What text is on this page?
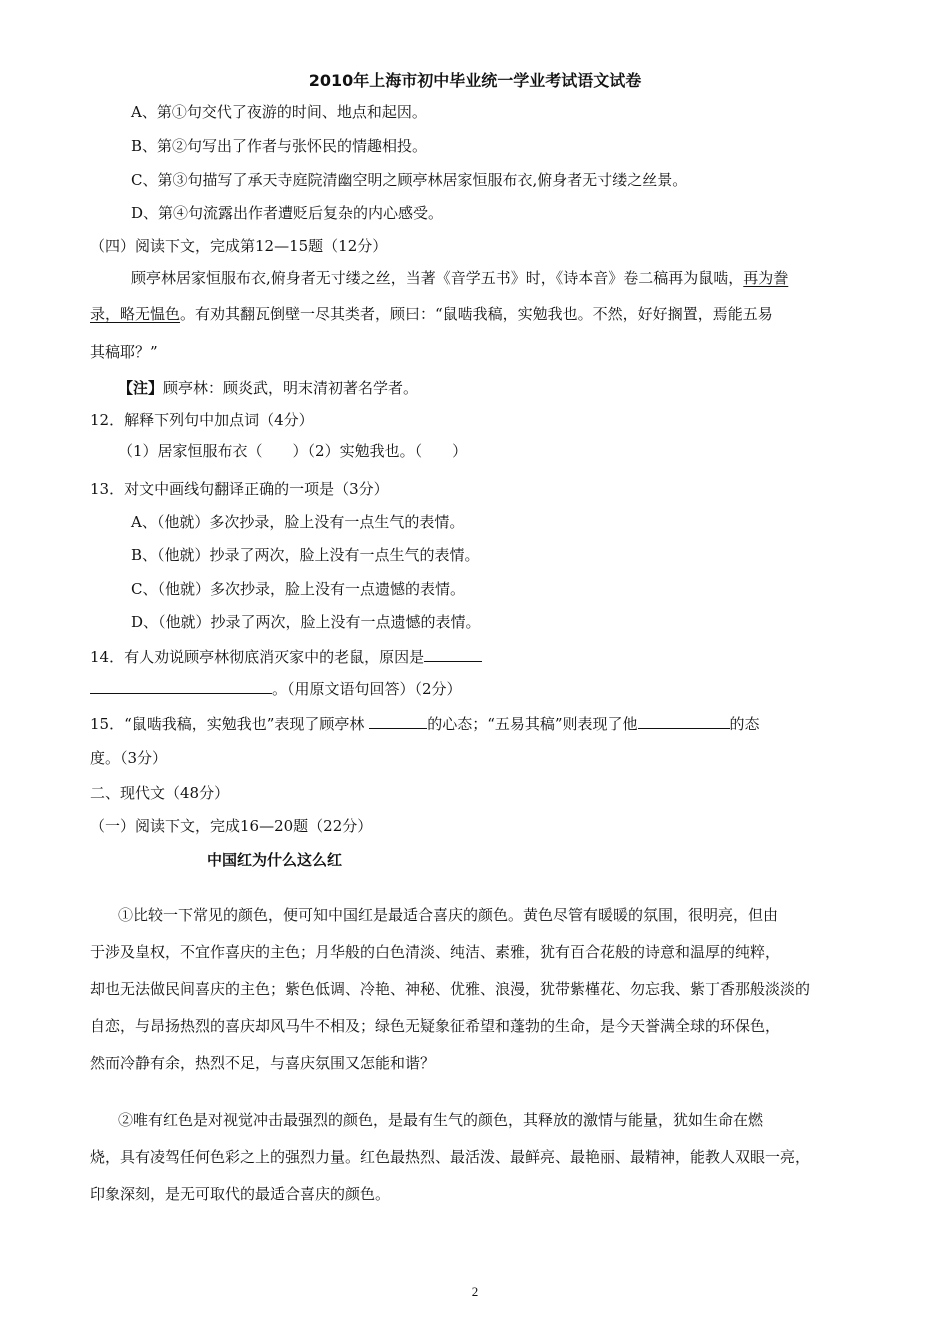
2010年上海市初中毕业统一学业考试语文试卷
A、第①句交代了夜游的时间、地点和起因。
B、第②句写出了作者与张怀民的情趣相投。
C、第③句描写了承天寺庭院清幽空明之顾亭林居家恒服布衣,俯身者无寸缕之丝景。
D、第④句流露出作者遭贬后复杂的内心感受。
（四）阅读下文，完成第12—15题（12分）
顾亭林居家恒服布衣,俯身者无寸缕之丝，当著《音学五书》时，《诗本音》卷二稿再为鼠啮，再为誊
录，略无愠色。有劝其翻瓦倒壁一尽其类者，顾曰：“鼠啮我稿，实勉我也。不然，好好搁置，焉能五易
其稿耶？”
【注】顾亭林：顾炎武，明末清初著名学者。
12．解释下列句中加点词（4分）
（1）居家恒服布衣（　　）（2）实勉我也。（　　）
13．对文中画线句翻译正确的一项是（3分）
A、（他就）多次抄录，脸上没有一点生气的表情。
B、（他就）抄录了两次，脸上没有一点生气的表情。
C、（他就）多次抄录，脸上没有一点遗憾的表情。
D、（他就）抄录了两次，脸上没有一点遗憾的表情。
14．有人劝说顾亭林彻底消灭家中的老鼠，原因是
。（用原文语句回答）（2分）
15．“鼠啮我稿，实勉我也”表现了顾亭林	的心态；“五易其稿”则表现了他	的态
度。（3分）
二、现代文（48分）
（一）阅读下文，完成16—20题（22分）
中国红为什么这么红
①比较一下常见的颜色，便可知中国红是最适合喜庆的颜色。黄色尽管有暖暖的氛围，很明亮，但由
于涉及皇权，不宜作喜庆的主色；月华般的白色清淡、纯洁、素雅，犹有百合花般的诗意和温厚的纯粹，
却也无法做民间喜庆的主色；紫色低调、冷艳、神秘、优雅、浪漫，犹带紫槿花、勿忘我、紫丁香那般淡淡的
自恋，与昂扬热烈的喜庆却风马牛不相及；绿色无疑象征希望和蓬勃的生命，是今天誉满全球的环保色，
然而冷静有余，热烈不足，与喜庆氛围又怎能和谐？
②唯有红色是对视觉冲击最强烈的颜色，是最有生气的颜色，其释放的激情与能量，犹如生命在燃
烧，具有凌驾任何色彩之上的强烈力量。红色最热烈、最活泼、最鲜亮、最艳丽、最精神，能教人双眼一亮，
印象深刻，是无可取代的最适合喜庆的颜色。
2
